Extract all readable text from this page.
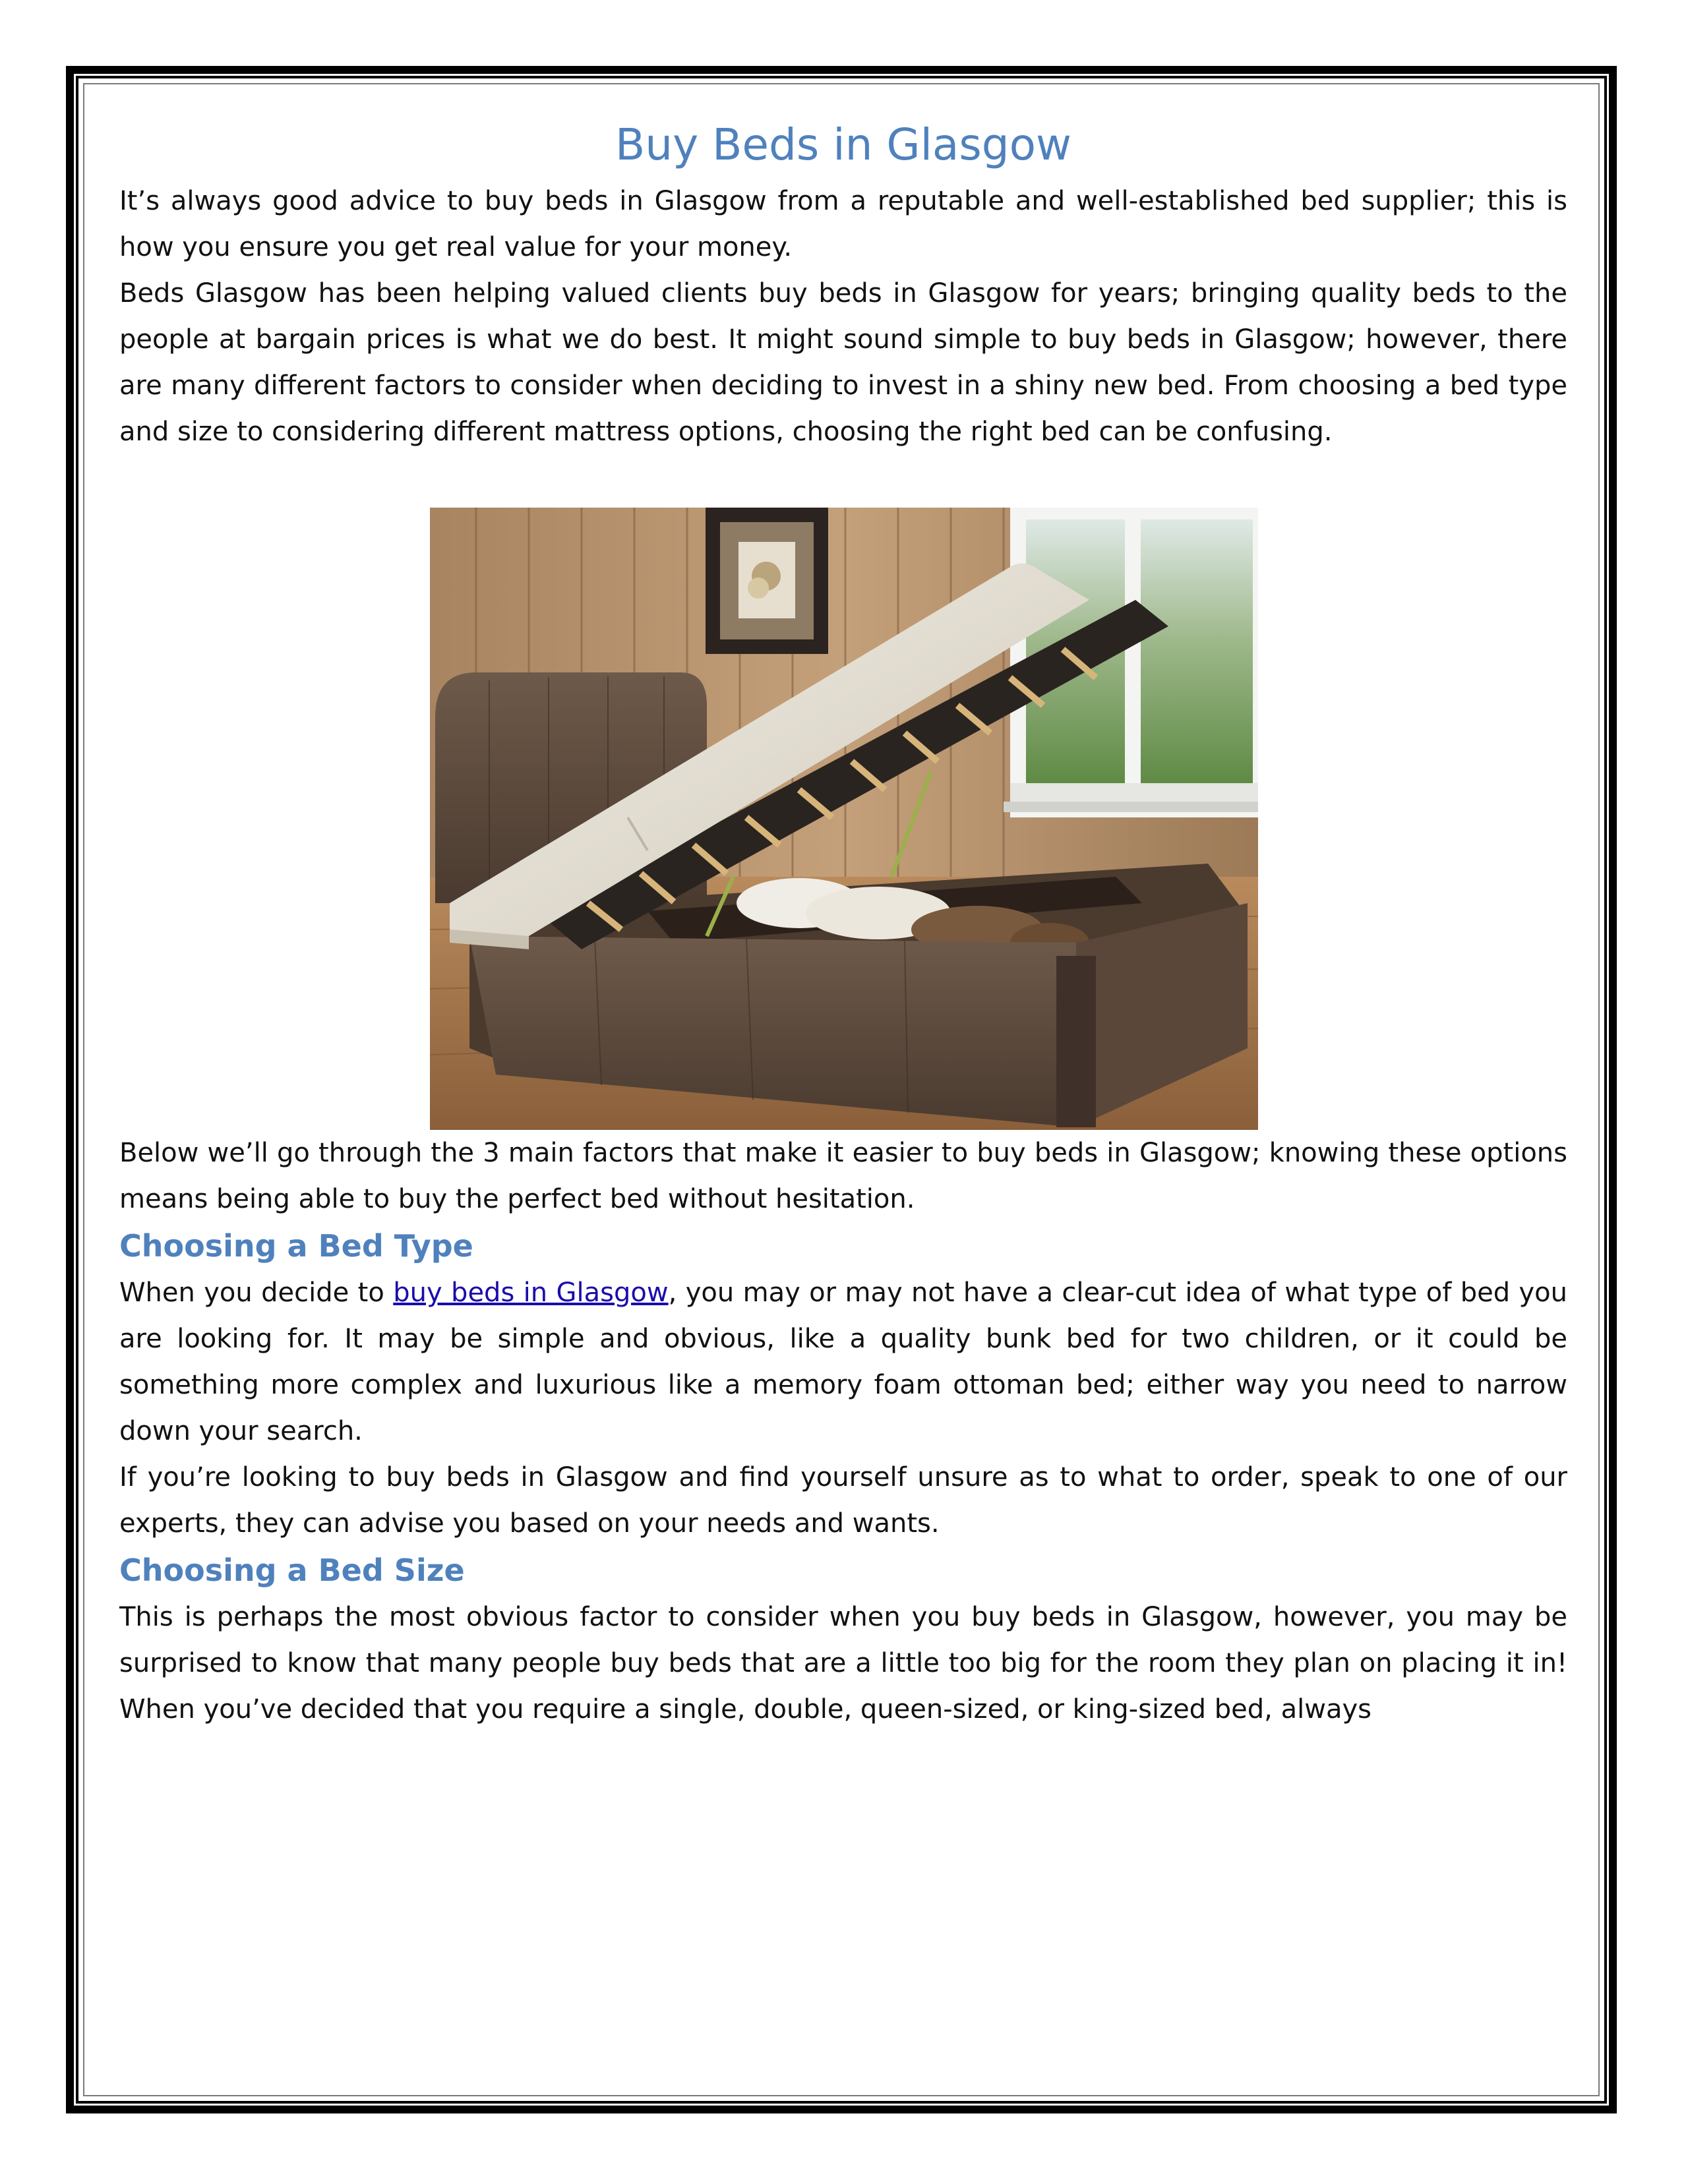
Buy Beds in Glasgow

It’s always good advice to buy beds in Glasgow from a reputable and well-established bed supplier; this is how you ensure you get real value for your money.

Beds Glasgow has been helping valued clients buy beds in Glasgow for years; bringing quality beds to the people at bargain prices is what we do best. It might sound simple to buy beds in Glasgow; however, there are many different factors to consider when deciding to invest in a shiny new bed. From choosing a bed type and size to considering different mattress options, choosing the right bed can be confusing.

Below we’ll go through the 3 main factors that make it easier to buy beds in Glasgow; knowing these options means being able to buy the perfect bed without hesitation.

Choosing a Bed Type

When you decide to buy beds in Glasgow, you may or may not have a clear-cut idea of what type of bed you are looking for. It may be simple and obvious, like a quality bunk bed for two children, or it could be something more complex and luxurious like a memory foam ottoman bed; either way you need to narrow down your search.

If you’re looking to buy beds in Glasgow and find yourself unsure as to what to order, speak to one of our experts, they can advise you based on your needs and wants.

Choosing a Bed Size

This is perhaps the most obvious factor to consider when you buy beds in Glasgow, however, you may be surprised to know that many people buy beds that are a little too big for the room they plan on placing it in! When you’ve decided that you require a single, double, queen-sized, or king-sized bed, always
